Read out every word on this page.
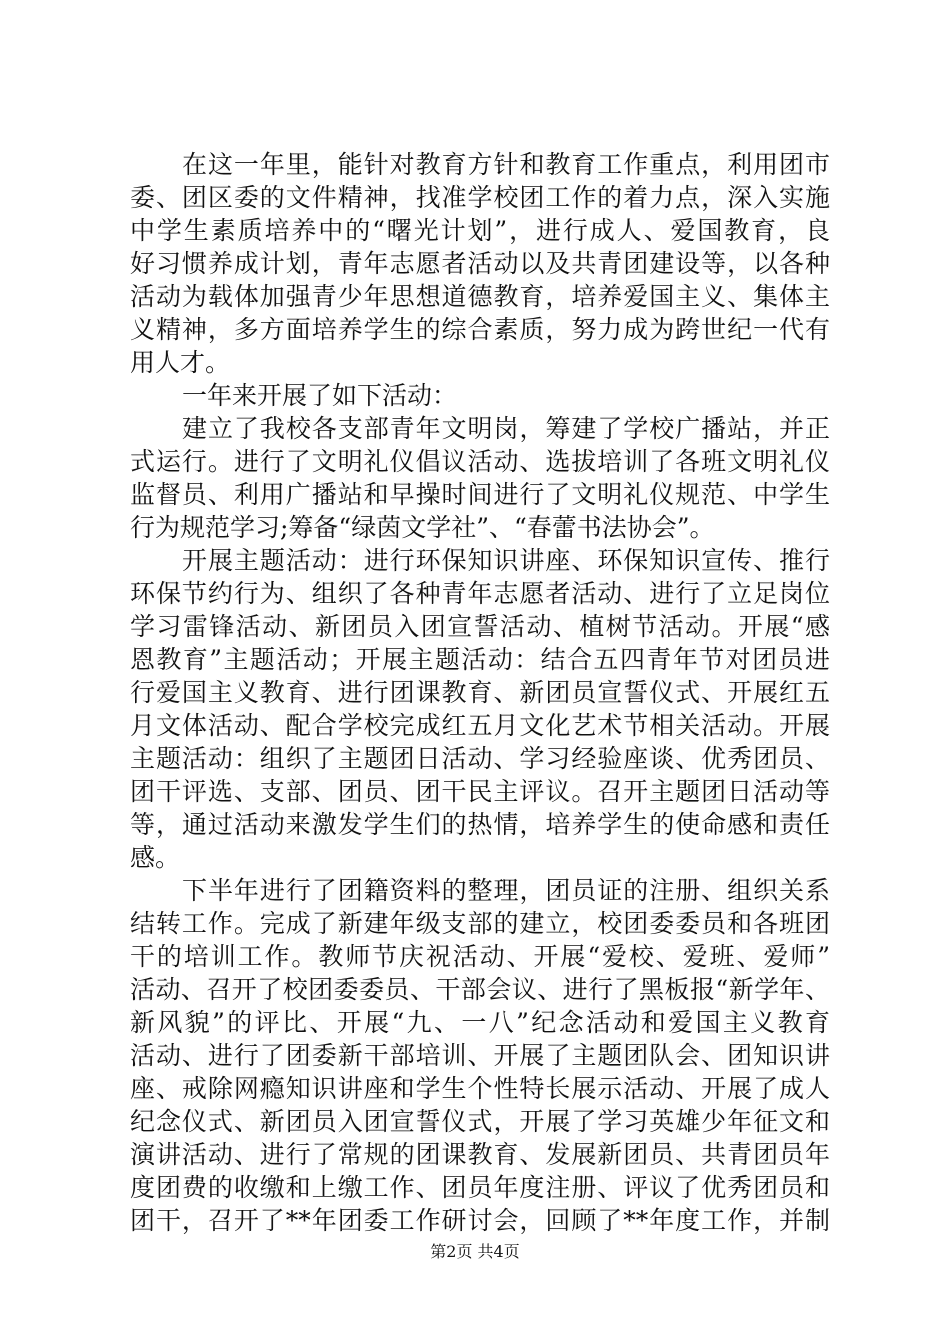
在这一年里，能针对教育方针和教育工作重点，利用团市
委、团区委的文件精神，找准学校团工作的着力点，深入实施
中学生素质培养中的“曙光计划”，进行成人、爱国教育，良
好习惯养成计划，青年志愿者活动以及共青团建设等，以各种
活动为载体加强青少年思想道德教育，培养爱国主义、集体主
义精神，多方面培养学生的综合素质，努力成为跨世纪一代有
用人才。
一年来开展了如下活动：
建立了我校各支部青年文明岗，筹建了学校广播站，并正
式运行。进行了文明礼仪倡议活动、选拔培训了各班文明礼仪
监督员、利用广播站和早操时间进行了文明礼仪规范、中学生
行为规范学习;筹备“绿茵文学社”、“春蕾书法协会”。
开展主题活动：进行环保知识讲座、环保知识宣传、推行
环保节约行为、组织了各种青年志愿者活动、进行了立足岗位
学习雷锋活动、新团员入团宣誓活动、植树节活动。开展“感
恩教育”主题活动；开展主题活动：结合五四青年节对团员进
行爱国主义教育、进行团课教育、新团员宣誓仪式、开展红五
月文体活动、配合学校完成红五月文化艺术节相关活动。开展
主题活动：组织了主题团日活动、学习经验座谈、优秀团员、
团干评选、支部、团员、团干民主评议。召开主题团日活动等
等，通过活动来激发学生们的热情，培养学生的使命感和责任
感。
下半年进行了团籍资料的整理，团员证的注册、组织关系
结转工作。完成了新建年级支部的建立，校团委委员和各班团
干的培训工作。教师节庆祝活动、开展“爱校、爱班、爱师”
活动、召开了校团委委员、干部会议、进行了黑板报“新学年、
新风貌”的评比、开展“九、一八”纪念活动和爱国主义教育
活动、进行了团委新干部培训、开展了主题团队会、团知识讲
座、戒除网瘾知识讲座和学生个性特长展示活动、开展了成人
纪念仪式、新团员入团宣誓仪式，开展了学习英雄少年征文和
演讲活动、进行了常规的团课教育、发展新团员、共青团员年
度团费的收缴和上缴工作、团员年度注册、评议了优秀团员和
团干，召开了**年团委工作研讨会，回顾了**年度工作，并制
第2页 共4页
